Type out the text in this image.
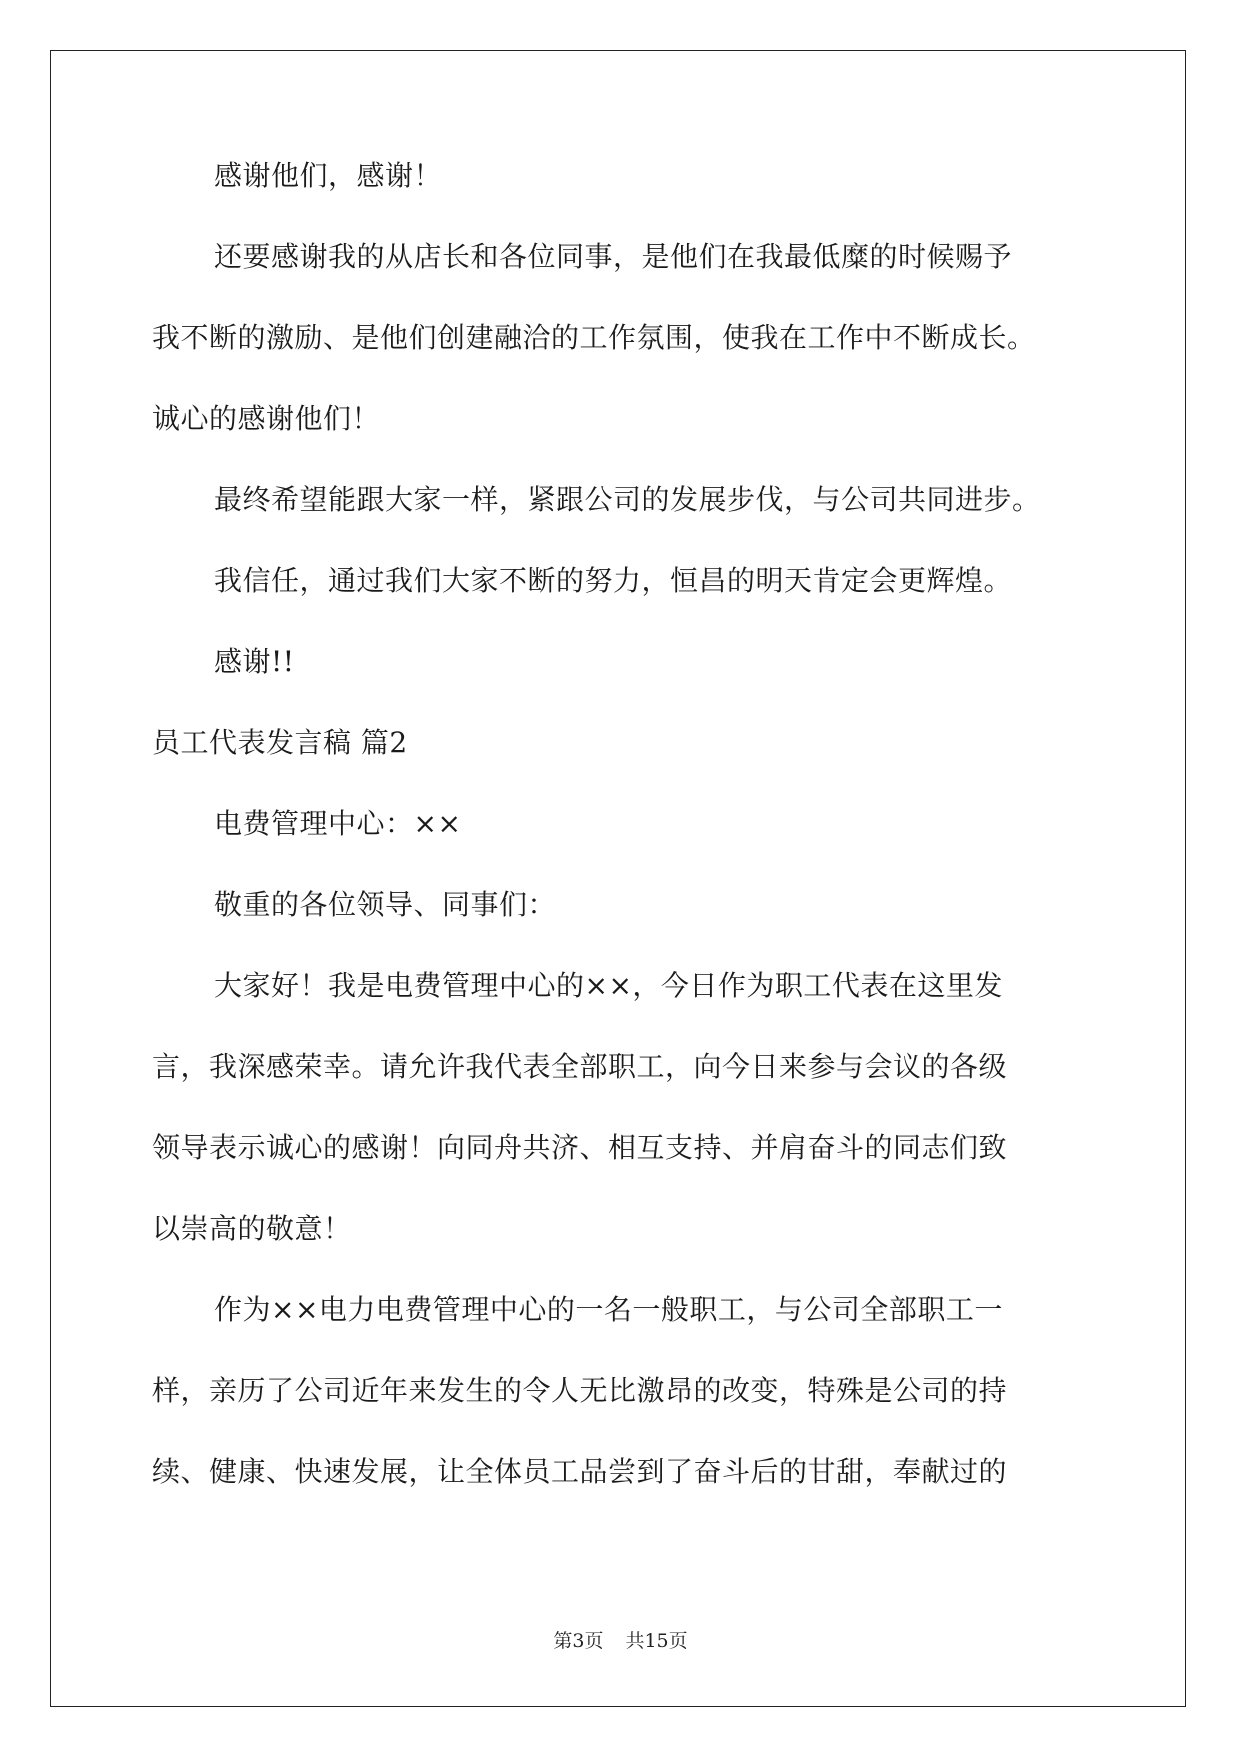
感谢他们，感谢！
还要感谢我的从店长和各位同事，是他们在我最低糜的时候赐予
我不断的激励、是他们创建融洽的工作氛围，使我在工作中不断成长。
诚心的感谢他们！
最终希望能跟大家一样，紧跟公司的发展步伐，与公司共同进步。
我信任，通过我们大家不断的努力，恒昌的明天肯定会更辉煌。
感谢!!
员工代表发言稿 篇2
电费管理中心：××
敬重的各位领导、同事们：
大家好！我是电费管理中心的××，今日作为职工代表在这里发
言，我深感荣幸。请允许我代表全部职工，向今日来参与会议的各级
领导表示诚心的感谢！向同舟共济、相互支持、并肩奋斗的同志们致
以崇高的敬意！
作为××电力电费管理中心的一名一般职工，与公司全部职工一
样，亲历了公司近年来发生的令人无比激昂的改变，特殊是公司的持
续、健康、快速发展，让全体员工品尝到了奋斗后的甘甜，奉献过的
第3页 共15页
